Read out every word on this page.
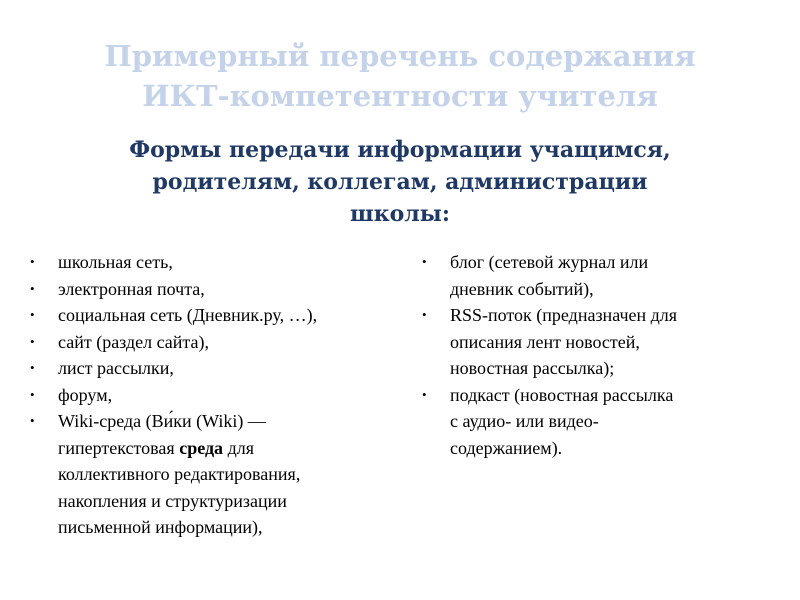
Примерный перечень содержания
ИКТ-компетентности учителя
Формы передачи информации учащимся,
родителям, коллегам, администрации
школы:
• школьная сеть,
• электронная почта,
• социальная сеть (Дневник.ру, …),
• сайт (раздел сайта),
• лист рассылки,
• форум,
• Wiki-среда (Ви́ки (Wiki) —
гипертекстовая среда для
коллективного редактирования,
накопления и структуризации
письменной информации),
• блог (сетевой журнал или
дневник событий),
• RSS-поток (предназначен для
описания лент новостей,
новостная рассылка);
• подкаст (новостная рассылка
с аудио- или видео-
содержанием).
